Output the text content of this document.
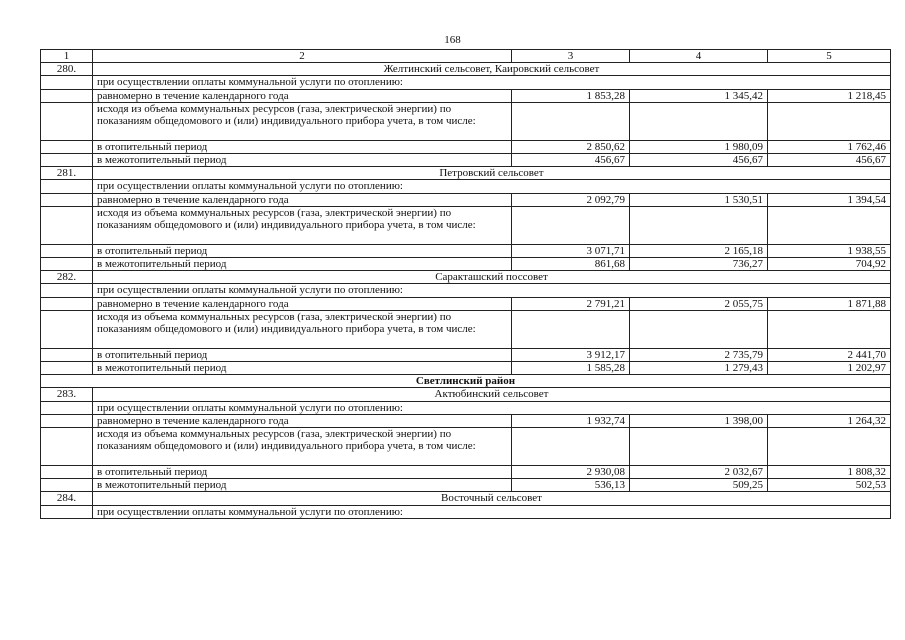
168
1	2	3	4	5
280.	Желтинский сельсовет, Каировский сельсовет			
	при осуществлении оплаты коммунальной услуги по отоплению:			
	равномерно в течение календарного года	1 853,28	1 345,42	1 218,45
	исходя из объема коммунальных ресурсов (газа, электрической энергии) по показаниям общедомового и (или) индивидуального прибора учета, в том числе:			
	в отопительный период	2 850,62	1 980,09	1 762,46
	в межотопительный период	456,67	456,67	456,67
281.	Петровский сельсовет			
	при осуществлении оплаты коммунальной услуги по отоплению:			
	равномерно в течение календарного года	2 092,79	1 530,51	1 394,54
	исходя из объема коммунальных ресурсов (газа, электрической энергии) по показаниям общедомового и (или) индивидуального прибора учета, в том числе:			
	в отопительный период	3 071,71	2 165,18	1 938,55
	в межотопительный период	861,68	736,27	704,92
282.	Саракташский поссовет			
	при осуществлении оплаты коммунальной услуги по отоплению:			
	равномерно в течение календарного года	2 791,21	2 055,75	1 871,88
	исходя из объема коммунальных ресурсов (газа, электрической энергии) по показаниям общедомового и (или) индивидуального прибора учета, в том числе:			
	в отопительный период	3 912,17	2 735,79	2 441,70
	в межотопительный период	1 585,28	1 279,43	1 202,97
Светлинский район				
283.	Актюбинский сельсовет			
	при осуществлении оплаты коммунальной услуги по отоплению:			
	равномерно в течение календарного года	1 932,74	1 398,00	1 264,32
	исходя из объема коммунальных ресурсов (газа, электрической энергии) по показаниям общедомового и (или) индивидуального прибора учета, в том числе:			
	в отопительный период	2 930,08	2 032,67	1 808,32
	в межотопительный период	536,13	509,25	502,53
284.	Восточный сельсовет			
	при осуществлении оплаты коммунальной услуги по отоплению:			
